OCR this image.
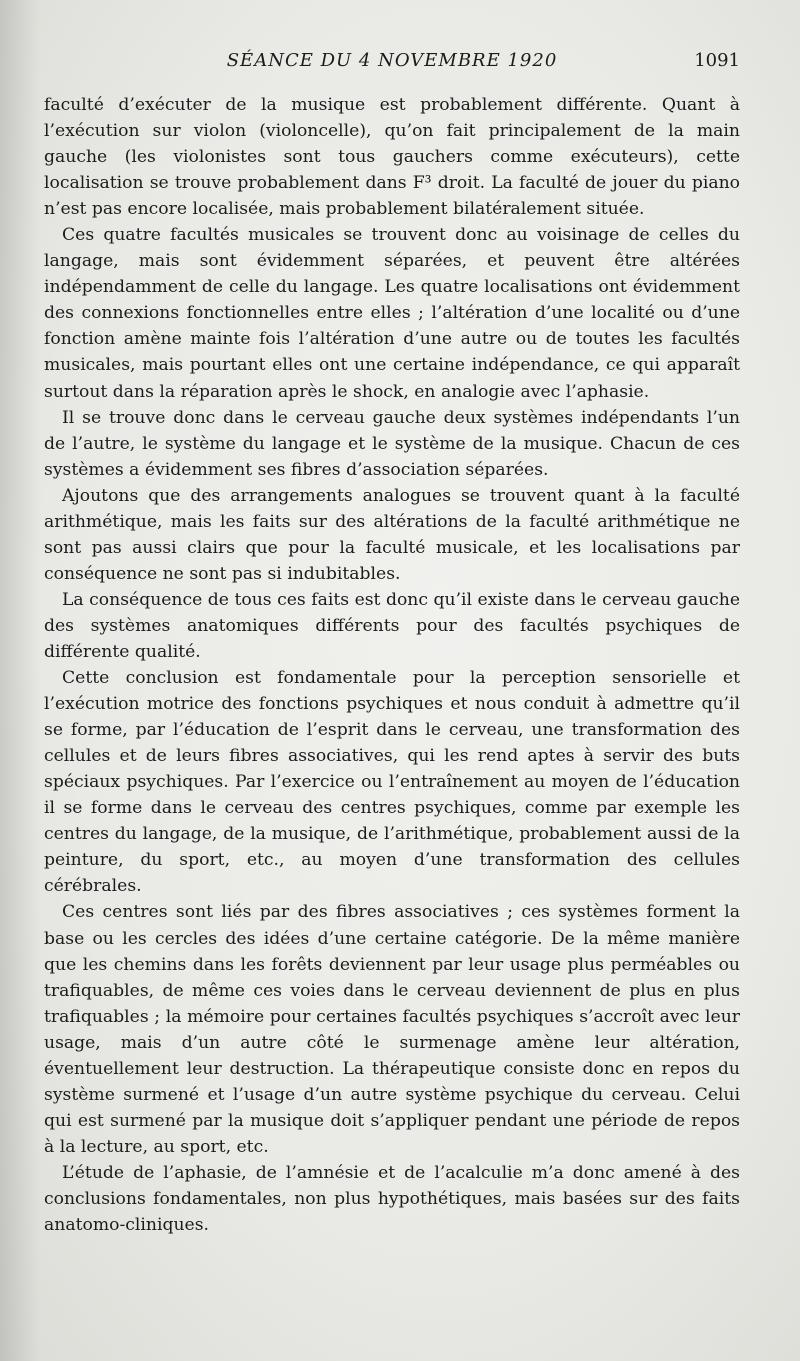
SÉANCE DU 4 NOVEMBRE 1920	1091

faculté d’exécuter de la musique est probablement différente. Quant à l’exécution sur violon (violoncelle), qu’on fait principalement de la main gauche (les violonistes sont tous gauchers comme exécuteurs), cette localisation se trouve probablement dans F³ droit. La faculté de jouer du piano n’est pas encore localisée, mais probablement bilatéralement située.

Ces quatre facultés musicales se trouvent donc au voisinage de celles du langage, mais sont évidemment séparées, et peuvent être altérées indépendamment de celle du langage. Les quatre localisations ont évidemment des connexions fonctionnelles entre elles ; l’altération d’une localité ou d’une fonction amène mainte fois l’altération d’une autre ou de toutes les facultés musicales, mais pourtant elles ont une certaine indépendance, ce qui apparaît surtout dans la réparation après le shock, en analogie avec l’aphasie.

Il se trouve donc dans le cerveau gauche deux systèmes indépendants l’un de l’autre, le système du langage et le système de la musique. Chacun de ces systèmes a évidemment ses fibres d’association séparées.

Ajoutons que des arrangements analogues se trouvent quant à la faculté arithmétique, mais les faits sur des altérations de la faculté arithmétique ne sont pas aussi clairs que pour la faculté musicale, et les localisations par conséquence ne sont pas si indubitables.

La conséquence de tous ces faits est donc qu’il existe dans le cerveau gauche des systèmes anatomiques différents pour des facultés psychiques de différente qualité.

Cette conclusion est fondamentale pour la perception sensorielle et l’exécution motrice des fonctions psychiques et nous conduit à admettre qu’il se forme, par l’éducation de l’esprit dans le cerveau, une transformation des cellules et de leurs fibres associatives, qui les rend aptes à servir des buts spéciaux psychiques. Par l’exercice ou l’entraînement au moyen de l’éducation il se forme dans le cerveau des centres psychiques, comme par exemple les centres du langage, de la musique, de l’arithmétique, probablement aussi de la peinture, du sport, etc., au moyen d’une transformation des cellules cérébrales.

Ces centres sont liés par des fibres associatives ; ces systèmes forment la base ou les cercles des idées d’une certaine catégorie. De la même manière que les chemins dans les forêts deviennent par leur usage plus perméables ou trafiquables, de même ces voies dans le cerveau deviennent de plus en plus trafiquables ; la mémoire pour certaines facultés psychiques s’accroît avec leur usage, mais d’un autre côté le surmenage amène leur altération, éventuellement leur destruction. La thérapeutique consiste donc en repos du système surmené et l’usage d’un autre système psychique du cerveau. Celui qui est surmené par la musique doit s’appliquer pendant une période de repos à la lecture, au sport, etc.

L’étude de l’aphasie, de l’amnésie et de l’acalculie m’a donc amené à des conclusions fondamentales, non plus hypothétiques, mais basées sur des faits anatomo-cliniques.
